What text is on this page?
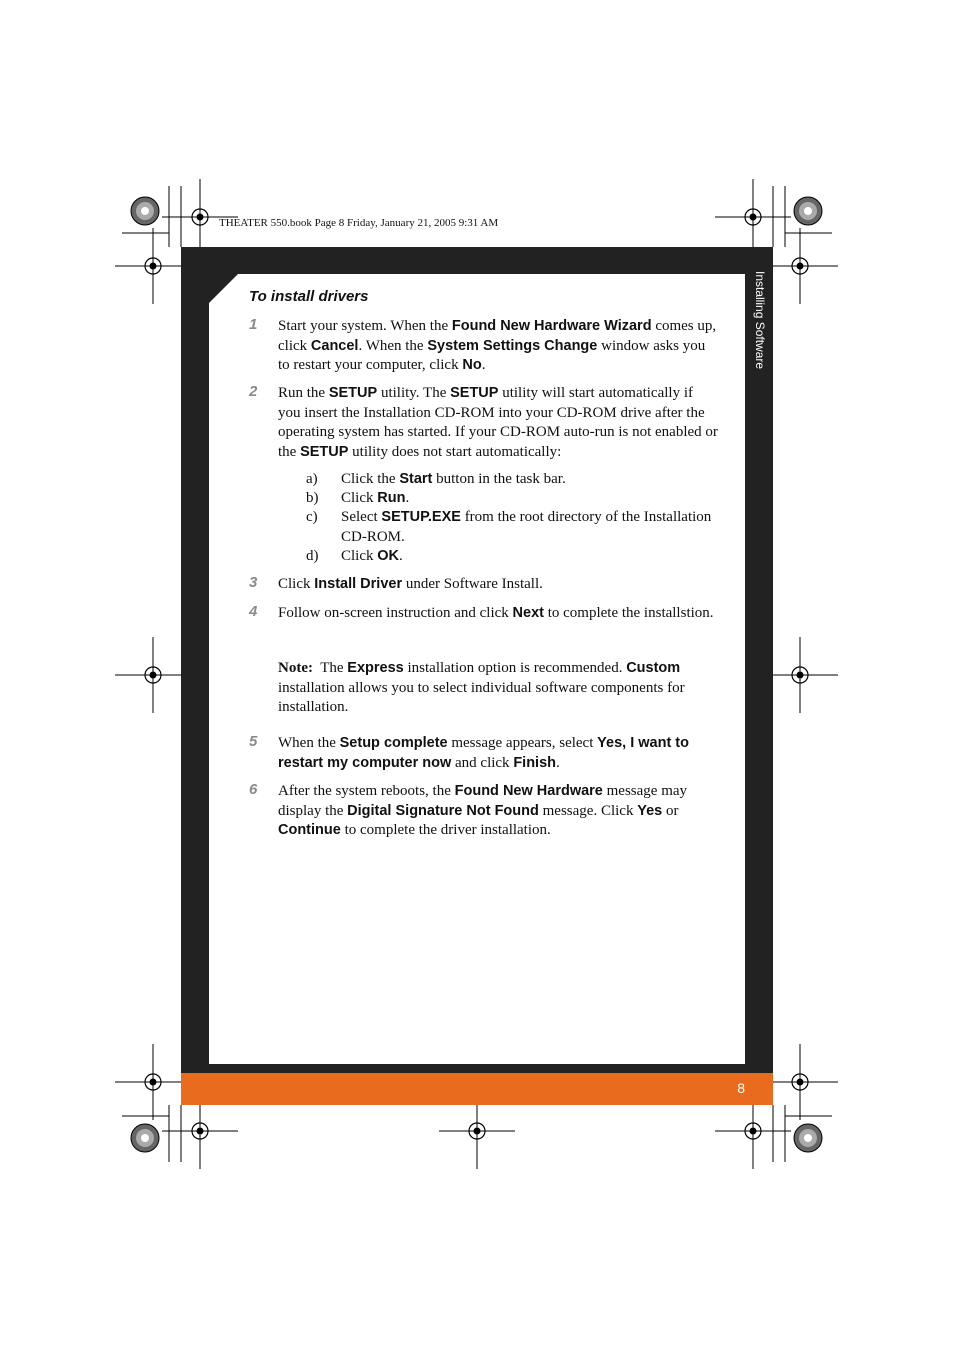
THEATER 550.book Page 8 Friday, January 21, 2005 9:31 AM
Installing Software
8
To install drivers
1 Start your system. When the Found New Hardware Wizard comes up, click Cancel. When the System Settings Change window asks you to restart your computer, click No.
2 Run the SETUP utility. The SETUP utility will start automatically if you insert the Installation CD-ROM into your CD-ROM drive after the operating system has started. If your CD-ROM auto-run is not enabled or the SETUP utility does not start automatically:
a) Click the Start button in the task bar.
b) Click Run.
c) Select SETUP.EXE from the root directory of the Installation CD-ROM.
d) Click OK.
3 Click Install Driver under Software Install.
4 Follow on-screen instruction and click Next to complete the installstion.
Note:  The Express installation option is recommended. Custom installation allows you to select individual software components for installation.
5 When the Setup complete message appears, select Yes, I want to restart my computer now and click Finish.
6 After the system reboots, the Found New Hardware message may display the Digital Signature Not Found message. Click Yes or Continue to complete the driver installation.
